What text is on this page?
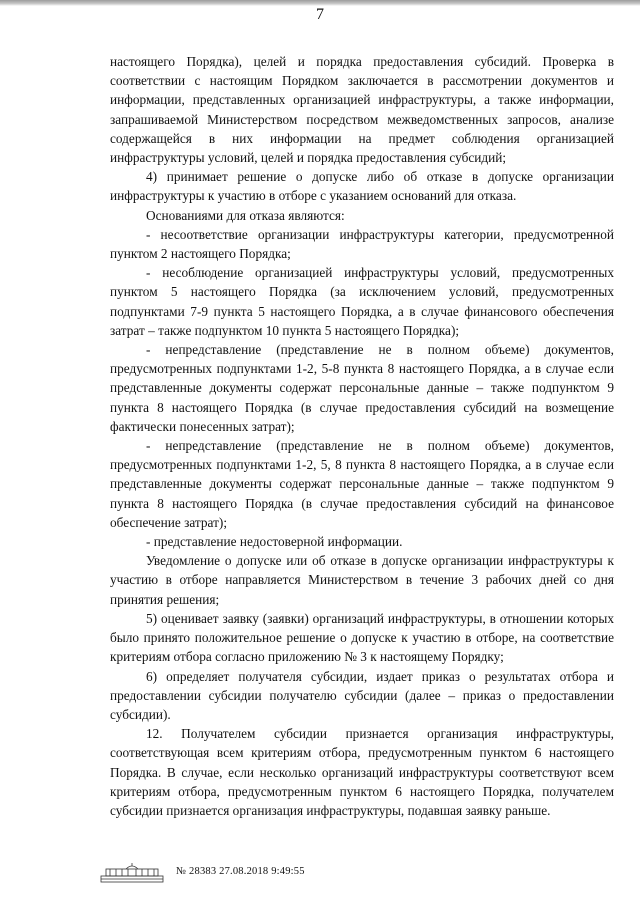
7

настоящего Порядка), целей и порядка предоставления субсидий. Проверка в соответствии с настоящим Порядком заключается в рассмотрении документов и информации, представленных организацией инфраструктуры, а также информации, запрашиваемой Министерством посредством межведомственных запросов, анализе содержащейся в них информации на предмет соблюдения организацией инфраструктуры условий, целей и порядка предоставления субсидий;

4) принимает решение о допуске либо об отказе в допуске организации инфраструктуры к участию в отборе с указанием оснований для отказа.

Основаниями для отказа являются:

- несоответствие организации инфраструктуры категории, предусмотренной пунктом 2 настоящего Порядка;

- несоблюдение организацией инфраструктуры условий, предусмотренных пунктом 5 настоящего Порядка (за исключением условий, предусмотренных подпунктами 7-9 пункта 5 настоящего Порядка, а в случае финансового обеспечения затрат – также подпунктом 10 пункта 5 настоящего Порядка);

- непредставление (представление не в полном объеме) документов, предусмотренных подпунктами 1-2, 5-8 пункта 8 настоящего Порядка, а в случае если представленные документы содержат персональные данные – также подпунктом 9 пункта 8 настоящего Порядка (в случае предоставления субсидий на возмещение фактически понесенных затрат);

- непредставление (представление не в полном объеме) документов, предусмотренных подпунктами 1-2, 5, 8 пункта 8 настоящего Порядка, а в случае если представленные документы содержат персональные данные – также подпунктом 9 пункта 8 настоящего Порядка (в случае предоставления субсидий на финансовое обеспечение затрат);

- представление недостоверной информации.

Уведомление о допуске или об отказе в допуске организации инфраструктуры к участию в отборе направляется Министерством в течение 3 рабочих дней со дня принятия решения;

5) оценивает заявку (заявки) организаций инфраструктуры, в отношении которых было принято положительное решение о допуске к участию в отборе, на соответствие критериям отбора согласно приложению № 3 к настоящему Порядку;

6) определяет получателя субсидии, издает приказ о результатах отбора и предоставлении субсидии получателю субсидии (далее – приказ о предоставлении субсидии).

12. Получателем субсидии признается организация инфраструктуры, соответствующая всем критериям отбора, предусмотренным пунктом 6 настоящего Порядка. В случае, если несколько организаций инфраструктуры соответствуют всем критериям отбора, предусмотренным пунктом 6 настоящего Порядка, получателем субсидии признается организация инфраструктуры, подавшая заявку раньше.

№ 28383 27.08.2018 9:49:55
